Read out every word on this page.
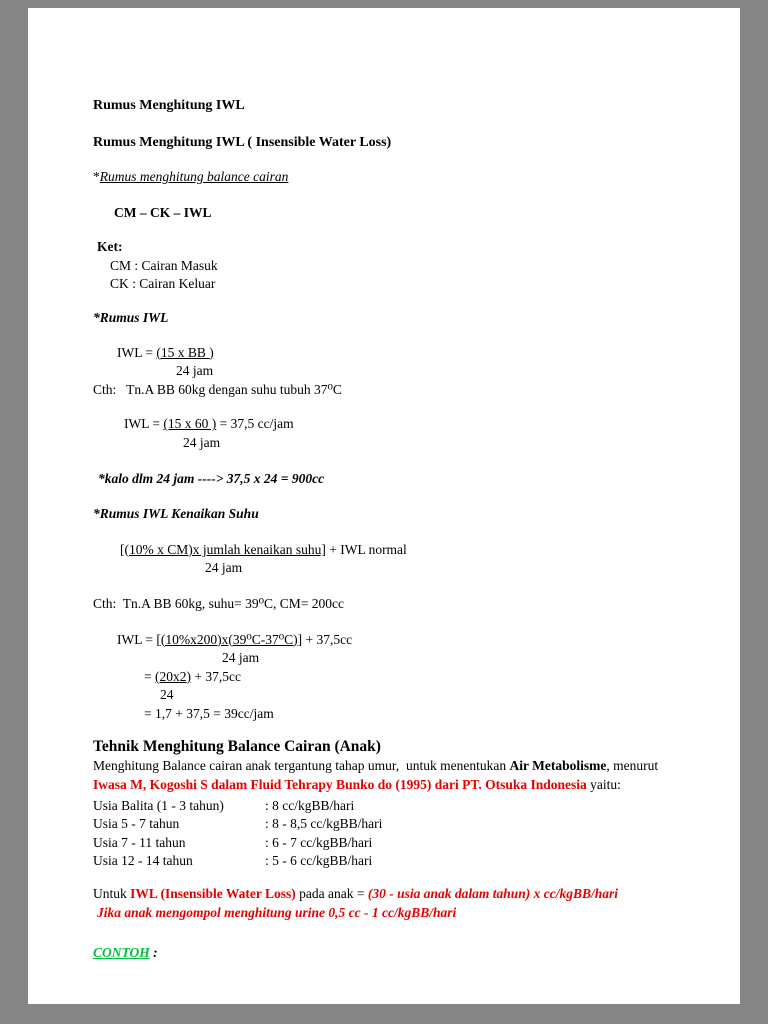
Rumus Menghitung IWL
Rumus Menghitung IWL ( Insensible Water Loss)
*Rumus menghitung balance cairan
CM – CK – IWL
Ket:
CM : Cairan Masuk
CK : Cairan Keluar
*Rumus IWL
IWL = (15 x BB )
24 jam
Cth:   Tn.A BB 60kg dengan suhu tubuh 37⁰C
IWL = (15 x 60 ) = 37,5 cc/jam
24 jam
*kalo dlm 24 jam ----> 37,5 x 24 = 900cc
*Rumus IWL Kenaikan Suhu
[(10% x CM)x jumlah kenaikan suhu] + IWL normal
24 jam
Cth:  Tn.A BB 60kg, suhu= 39⁰C, CM= 200cc
IWL = [(10%x200)x(39⁰C-37⁰C)] + 37,5cc
24 jam
= (20x2) + 37,5cc
24
= 1,7 + 37,5 = 39cc/jam
Tehnik Menghitung Balance Cairan (Anak)
Menghitung Balance cairan anak tergantung tahap umur,  untuk menentukan Air Metabolisme, menurut Iwasa M, Kogoshi S dalam Fluid Tehrapy Bunko do (1995) dari PT. Otsuka Indonesia yaitu:
Usia Balita (1 - 3 tahun)	: 8 cc/kgBB/hari
Usia 5 - 7 tahun	: 8 - 8,5 cc/kgBB/hari
Usia 7 - 11 tahun	: 6 - 7 cc/kgBB/hari
Usia 12 - 14 tahun	: 5 - 6 cc/kgBB/hari
Untuk IWL (Insensible Water Loss) pada anak = (30 - usia anak dalam tahun) x cc/kgBB/hari
Jika anak mengompol menghitung urine 0,5 cc - 1 cc/kgBB/hari
CONTOH :
